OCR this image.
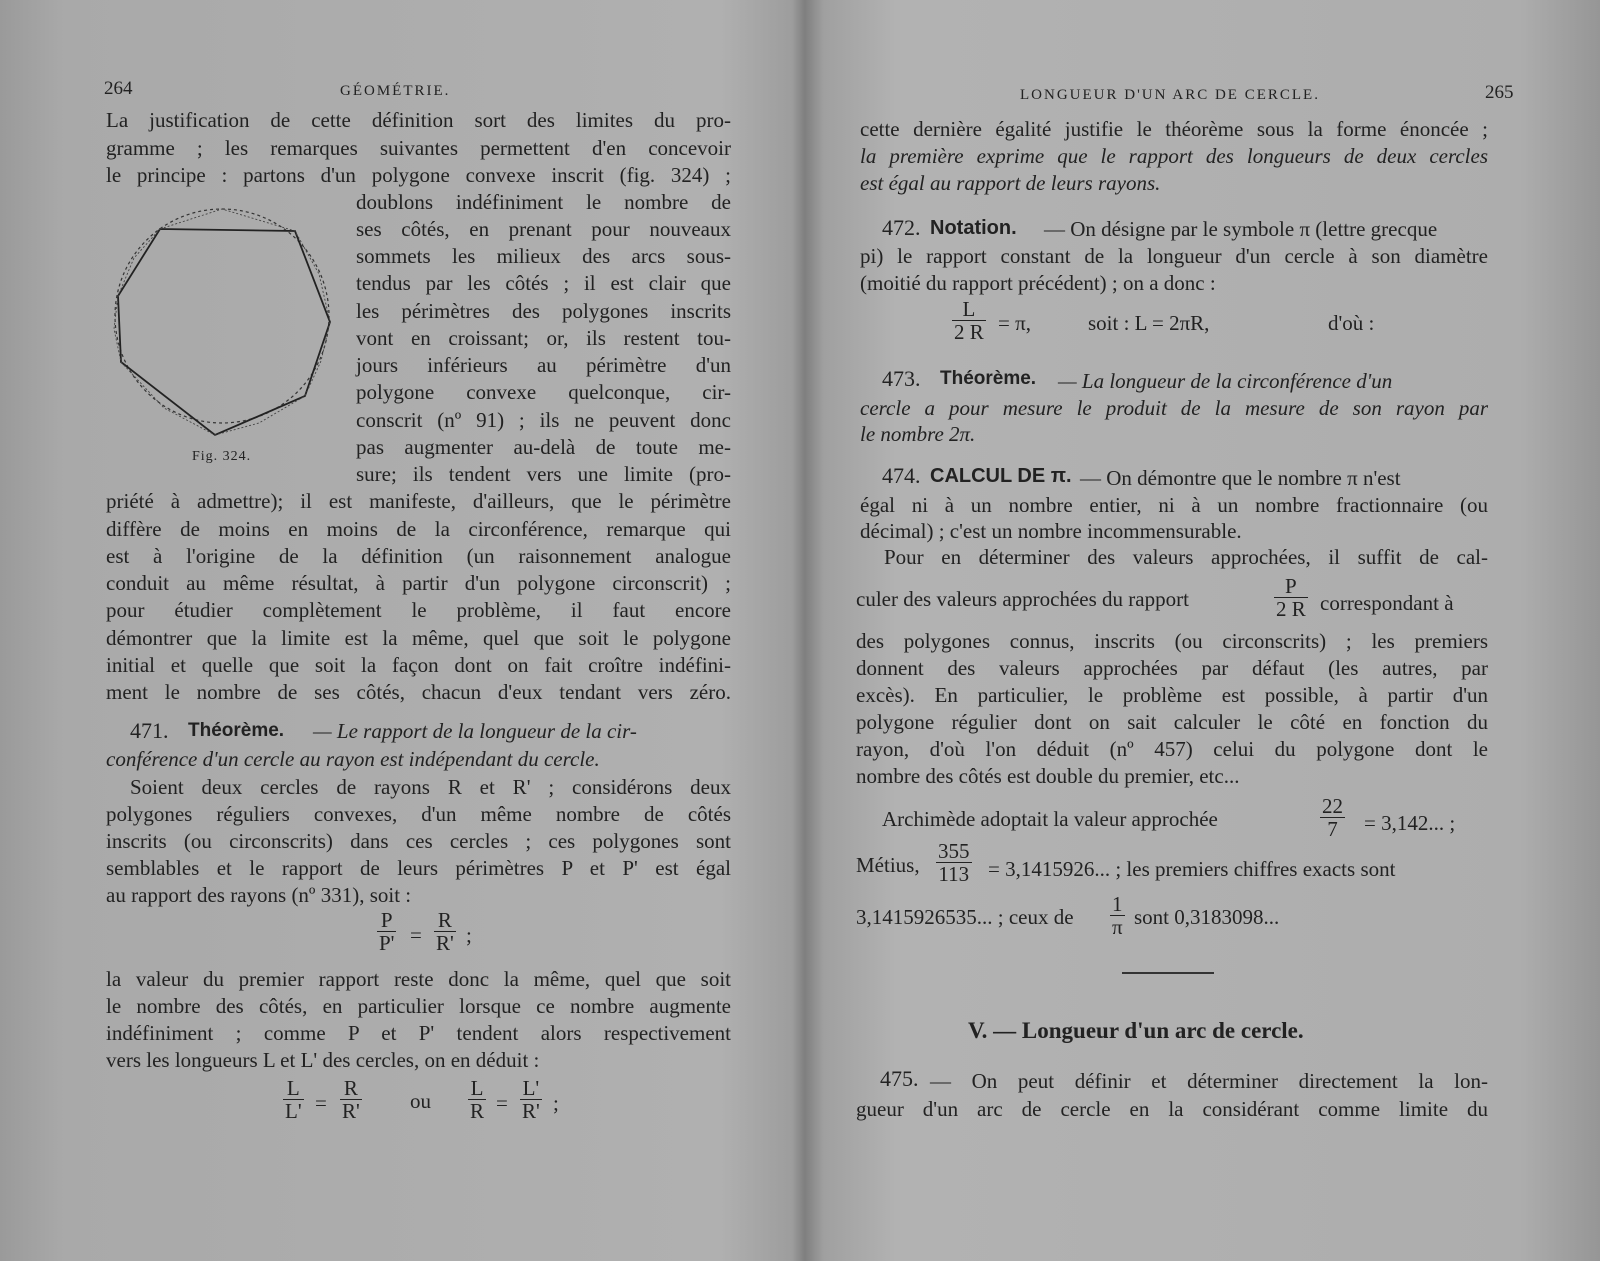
264	GÉOMÉTRIE.
La justification de cette définition sort des limites du pro-
gramme ; les remarques suivantes permettent d'en concevoir
le principe : partons d'un polygone convexe inscrit (fig. 324) ;
Fig. 324.
doublons indéfiniment le nombre de
ses côtés, en prenant pour nouveaux
sommets les milieux des arcs sous-
tendus par les côtés ; il est clair que
les périmètres des polygones inscrits
vont en croissant; or, ils restent tou-
jours inférieurs au périmètre d'un
polygone convexe quelconque, cir-
conscrit (nº 91) ; ils ne peuvent donc
pas augmenter au-delà de toute me-
sure; ils tendent vers une limite (pro-
priété à admettre); il est manifeste, d'ailleurs, que le périmètre
diffère de moins en moins de la circonférence, remarque qui
est à l'origine de la définition (un raisonnement analogue
conduit au même résultat, à partir d'un polygone circonscrit) ;
pour étudier complètement le problème, il faut encore
démontrer que la limite est la même, quel que soit le polygone
initial et quelle que soit la façon dont on fait croître indéfini-
ment le nombre de ses côtés, chacun d'eux tendant vers zéro.
471. Théorème. — Le rapport de la longueur de la cir-
conférence d'un cercle au rayon est indépendant du cercle.
Soient deux cercles de rayons R et R' ; considérons deux
polygones réguliers convexes, d'un même nombre de côtés
inscrits (ou circonscrits) dans ces cercles ; ces polygones sont
semblables et le rapport de leurs périmètres P et P' est égal
au rapport des rayons (nº 331), soit :
$\frac{P}{P'} = \frac{R}{R'}$ ;
la valeur du premier rapport reste donc la même, quel que soit
le nombre des côtés, en particulier lorsque ce nombre augmente
indéfiniment ; comme P et P' tendent alors respectivement
vers les longueurs L et L' des cercles, on en déduit :
$\frac{L}{L'} = \frac{R}{R'}$ ou $\frac{L}{R} = \frac{L'}{R'}$ ;
LONGUEUR D'UN ARC DE CERCLE.	265
cette dernière égalité justifie le théorème sous la forme énoncée ;
la première exprime que le rapport des longueurs de deux cercles
est égal au rapport de leurs rayons.
472. Notation. — On désigne par le symbole π (lettre grecque
pi) le rapport constant de la longueur d'un cercle à son diamètre
(moitié du rapport précédent) ; on a donc :
$\frac{L}{2 R} = \pi$,	soit : L = 2πR,	d'où :
473. Théorème. — La longueur de la circonférence d'un
cercle a pour mesure le produit de la mesure de son rayon par
le nombre 2π.
474. CALCUL DE π. — On démontre que le nombre π n'est
égal ni à un nombre entier, ni à un nombre fractionnaire (ou
décimal) ; c'est un nombre incommensurable.
Pour en déterminer des valeurs approchées, il suffit de cal-
culer des valeurs approchées du rapport	$\frac{P}{2 R}$ correspondant à
des polygones connus, inscrits (ou circonscrits) ; les premiers
donnent des valeurs approchées par défaut (les autres, par
excès). En particulier, le problème est possible, à partir d'un
polygone régulier dont on sait calculer le côté en fonction du
rayon, d'où l'on déduit (nº 457) celui du polygone dont le
nombre des côtés est double du premier, etc...
Archimède adoptait la valeur approchée	$\frac{22}{7} = 3,142$... ;
Métius, $\frac{355}{113} = 3,1415926$... ; les premiers chiffres exacts sont
3,1415926535... ; ceux de $\frac{1}{\pi}$ sont 0,3183098...
V. — Longueur d'un arc de cercle.
475. — On peut définir et déterminer directement la lon-
gueur d'un arc de cercle en la considérant comme limite du
